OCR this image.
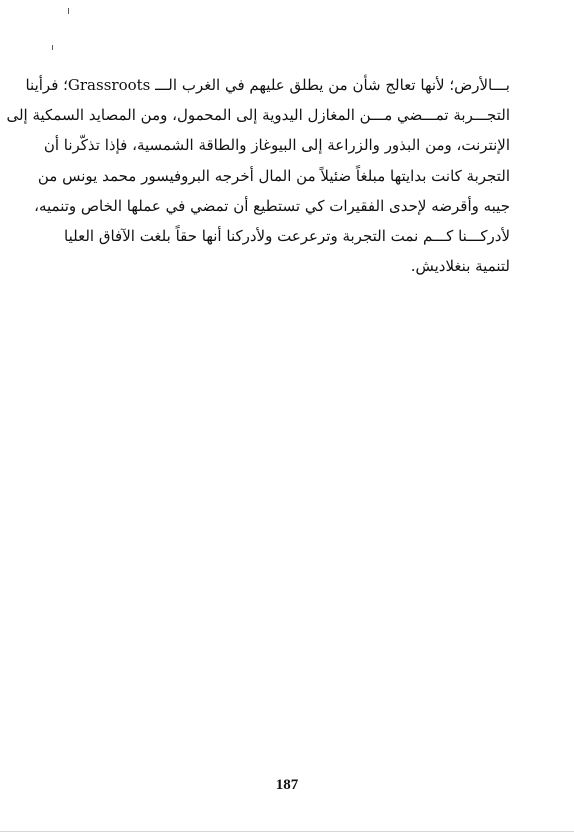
بـــالأرض؛ لأنها تعالج شأن من يطلق عليهم في الغرب الـــ Grassroots؛ فرأينا
التجـــربة تمـــضي مـــن المغازل اليدوية إلى المحمول، ومن المصايد السمكية إلى
الإنترنت، ومن البذور والزراعة إلى البيوغاز والطاقة الشمسية، فإذا تذكّرنا أن
التجربة كانت بدايتها مبلغاً ضئيلاً من المال أخرجه البروفيسور محمد يونس من
جيبه وأقرضه لإحدى الفقيرات كي تستطيع أن تمضي في عملها الخاص وتنميه،
لأدركـــنا كـــم نمت التجربة وترعرعت ولأدركنا أنها حقاً بلغت الآفاق العليا
لتنمية بنغلاديش.
187
